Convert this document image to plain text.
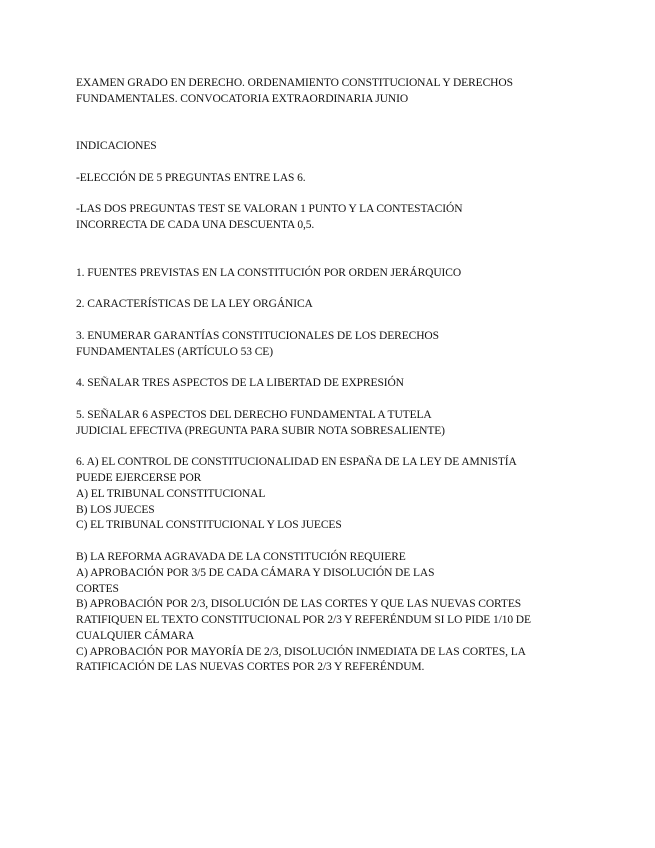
EXAMEN GRADO EN DERECHO. ORDENAMIENTO CONSTITUCIONAL Y DERECHOS
FUNDAMENTALES. CONVOCATORIA EXTRAORDINARIA JUNIO
INDICACIONES
-ELECCIÓN DE 5 PREGUNTAS ENTRE LAS 6.
-LAS DOS PREGUNTAS TEST SE VALORAN 1 PUNTO Y LA CONTESTACIÓN
INCORRECTA DE CADA UNA DESCUENTA 0,5.
1. FUENTES PREVISTAS EN LA CONSTITUCIÓN POR ORDEN JERÁRQUICO
2. CARACTERÍSTICAS DE LA LEY ORGÁNICA
3. ENUMERAR GARANTÍAS CONSTITUCIONALES DE LOS DERECHOS
FUNDAMENTALES (ARTÍCULO 53 CE)
4. SEÑALAR TRES ASPECTOS DE LA LIBERTAD DE EXPRESIÓN
5. SEÑALAR 6 ASPECTOS DEL DERECHO FUNDAMENTAL A TUTELA
JUDICIAL EFECTIVA (PREGUNTA PARA SUBIR NOTA SOBRESALIENTE)
6. A) EL CONTROL DE CONSTITUCIONALIDAD EN ESPAÑA DE LA LEY DE AMNISTÍA
PUEDE EJERCERSE POR
A) EL TRIBUNAL CONSTITUCIONAL
B) LOS JUECES
C) EL TRIBUNAL CONSTITUCIONAL Y LOS JUECES
B) LA REFORMA AGRAVADA DE LA CONSTITUCIÓN REQUIERE
A) APROBACIÓN POR 3/5 DE CADA CÁMARA Y DISOLUCIÓN DE LAS
CORTES
B) APROBACIÓN POR 2/3, DISOLUCIÓN DE LAS CORTES Y QUE LAS NUEVAS CORTES
RATIFIQUEN EL TEXTO CONSTITUCIONAL POR 2/3 Y REFERÉNDUM SI LO PIDE 1/10 DE
CUALQUIER CÁMARA
C) APROBACIÓN POR MAYORÍA DE 2/3, DISOLUCIÓN INMEDIATA DE LAS CORTES, LA
RATIFICACIÓN DE LAS NUEVAS CORTES POR 2/3 Y REFERÉNDUM.
